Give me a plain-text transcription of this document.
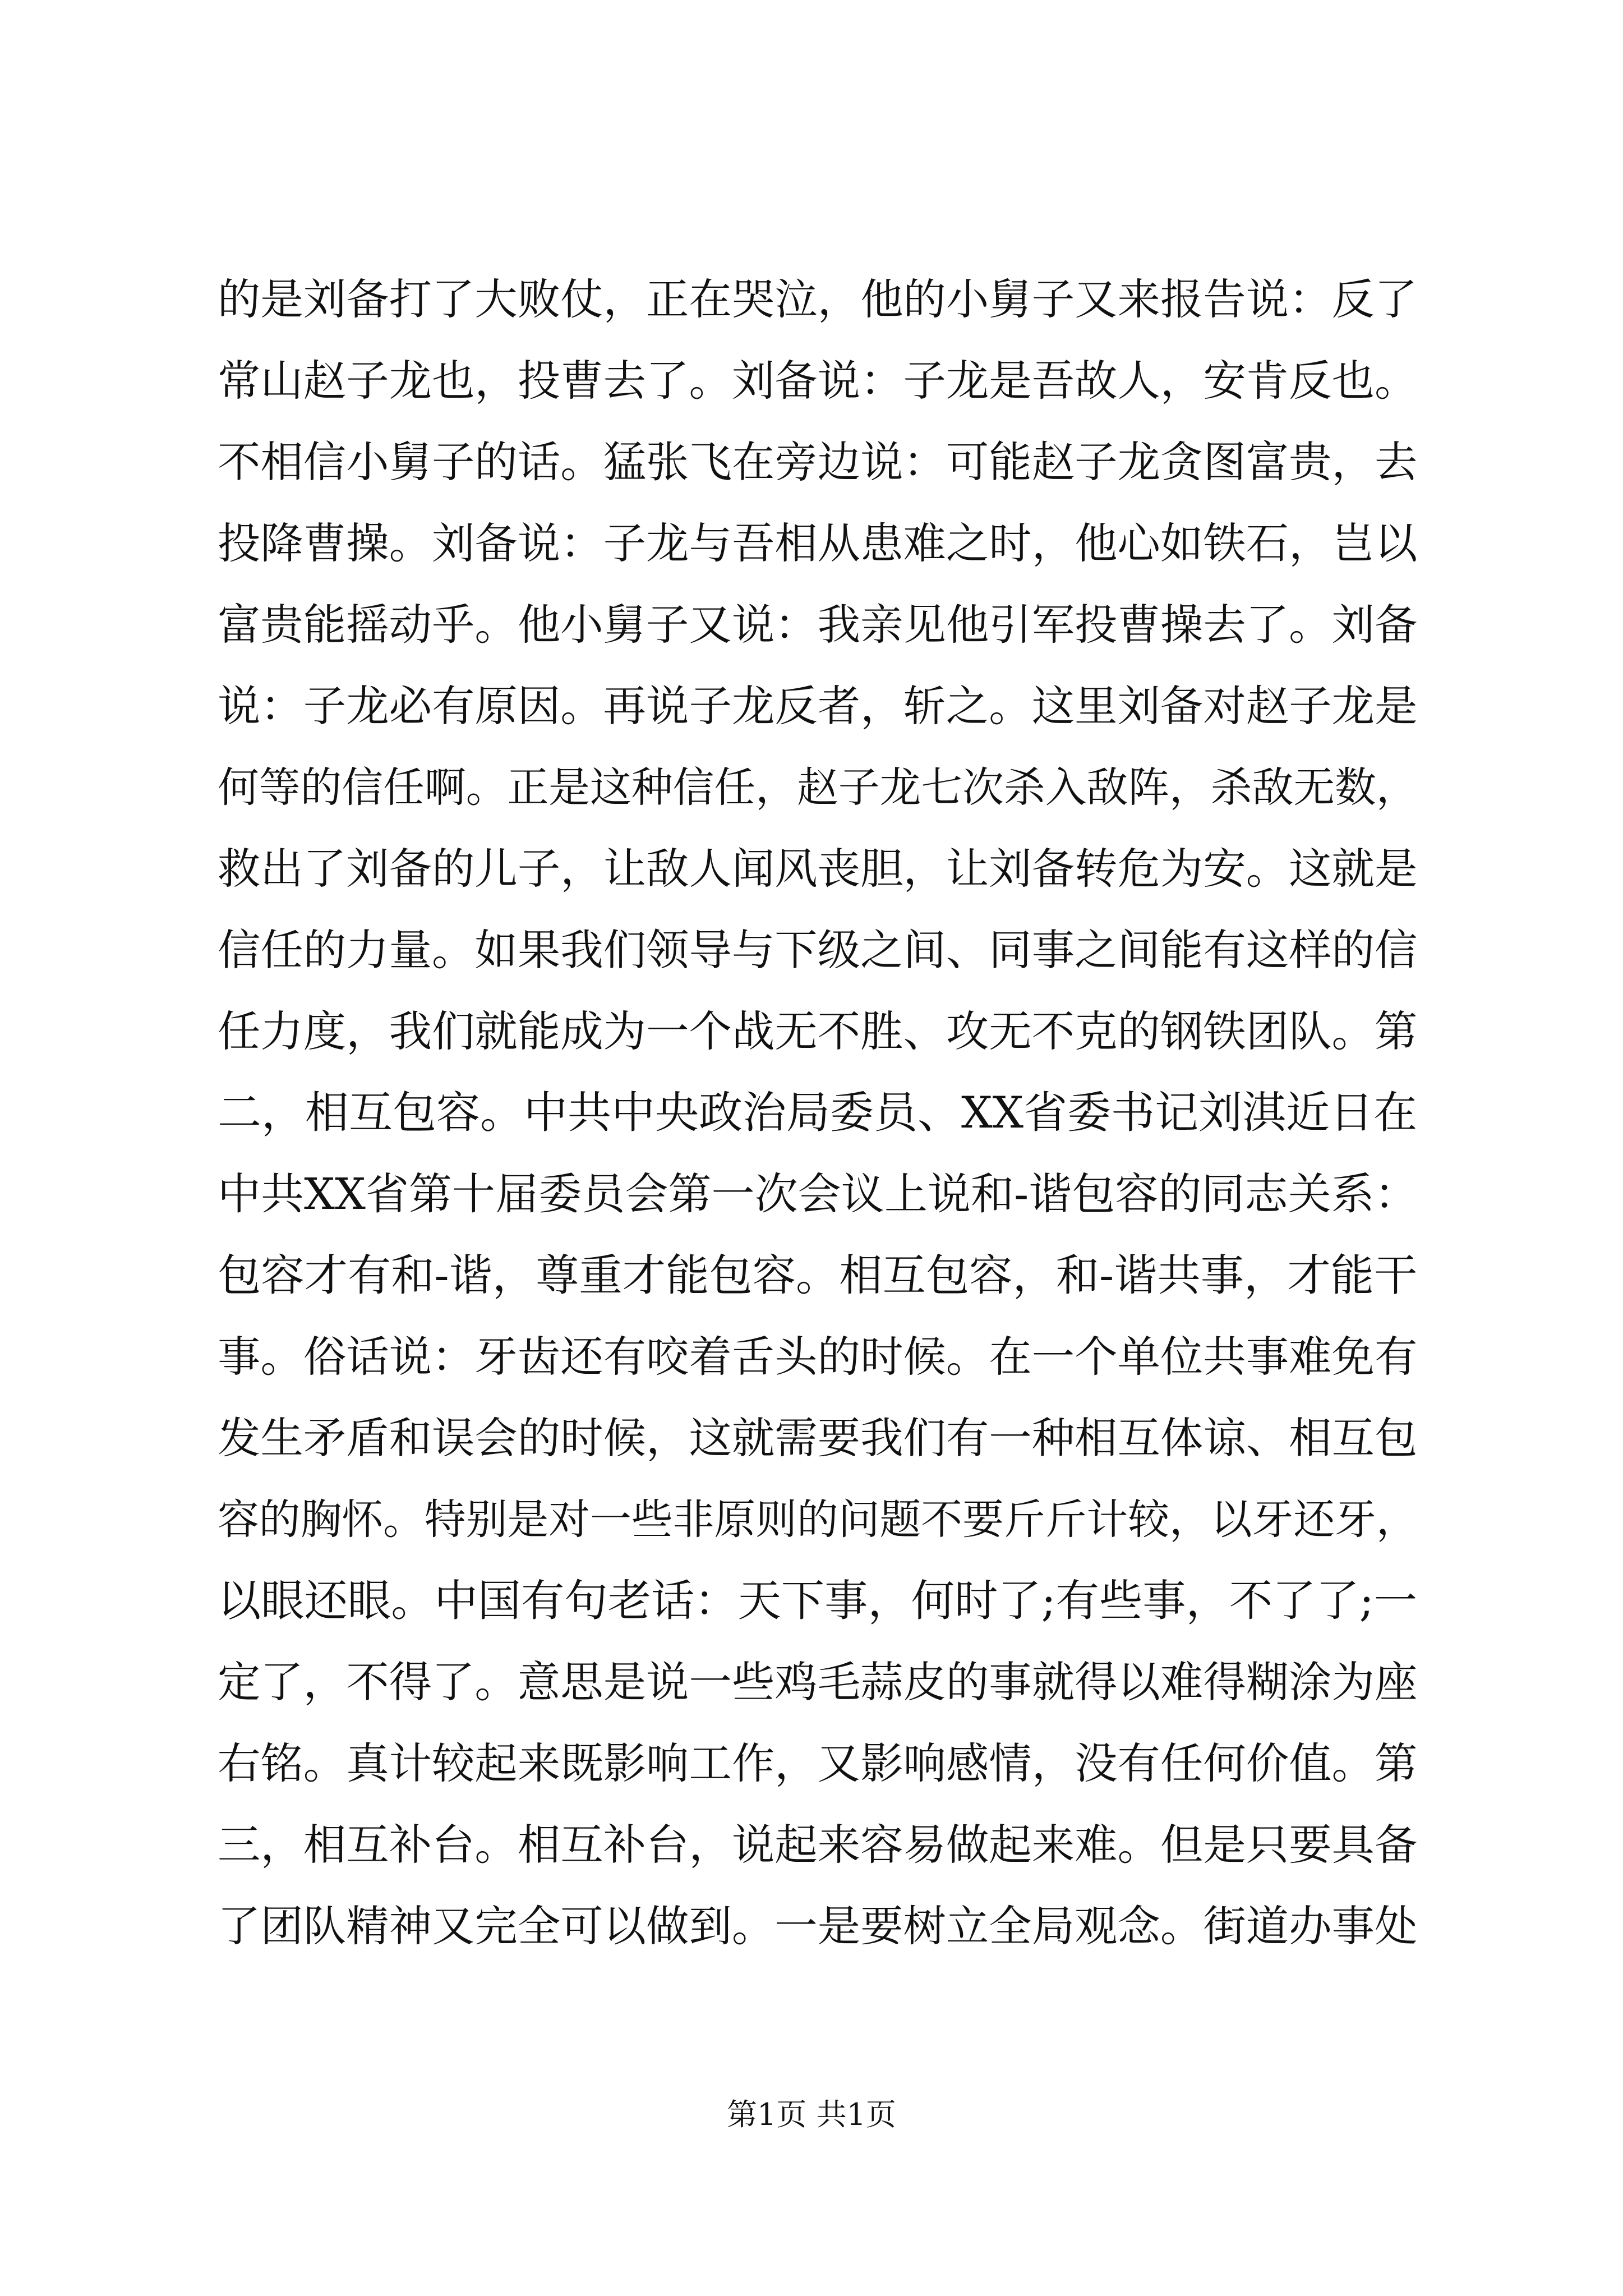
的是刘备打了大败仗，正在哭泣，他的小舅子又来报告说：反了
常山赵子龙也，投曹去了。刘备说：子龙是吾故人，安肯反也。
不相信小舅子的话。猛张飞在旁边说：可能赵子龙贪图富贵，去
投降曹操。刘备说：子龙与吾相从患难之时，他心如铁石，岂以
富贵能摇动乎。他小舅子又说：我亲见他引军投曹操去了。刘备
说：子龙必有原因。再说子龙反者，斩之。这里刘备对赵子龙是
何等的信任啊。正是这种信任，赵子龙七次杀入敌阵，杀敌无数，
救出了刘备的儿子，让敌人闻风丧胆，让刘备转危为安。这就是
信任的力量。如果我们领导与下级之间、同事之间能有这样的信
任力度，我们就能成为一个战无不胜、攻无不克的钢铁团队。第
二，相互包容。中共中央政治局委员、XX省委书记刘淇近日在
中共XX省第十届委员会第一次会议上说和-谐包容的同志关系：
包容才有和-谐，尊重才能包容。相互包容，和-谐共事，才能干
事。俗话说：牙齿还有咬着舌头的时候。在一个单位共事难免有
发生矛盾和误会的时候，这就需要我们有一种相互体谅、相互包
容的胸怀。特别是对一些非原则的问题不要斤斤计较，以牙还牙，
以眼还眼。中国有句老话：天下事，何时了;有些事，不了了;一
定了，不得了。意思是说一些鸡毛蒜皮的事就得以难得糊涂为座
右铭。真计较起来既影响工作，又影响感情，没有任何价值。第
三，相互补台。相互补台，说起来容易做起来难。但是只要具备
了团队精神又完全可以做到。一是要树立全局观念。街道办事处
第1页 共1页
